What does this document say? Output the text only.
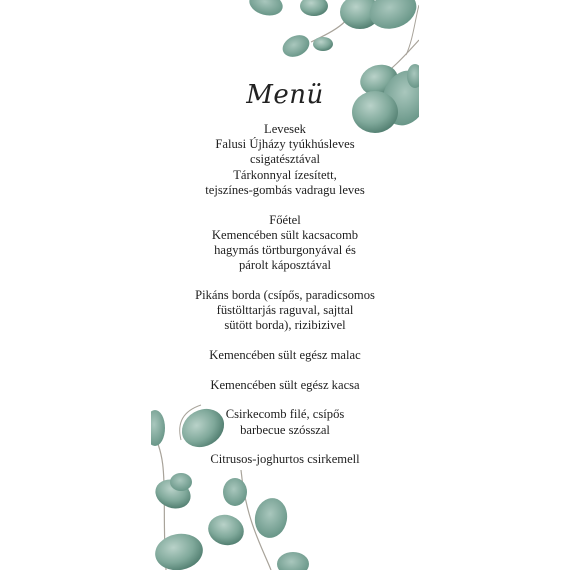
Menü
Levesek
Falusi Újházy tyúkhúsleves
csigatésztával
Tárkonnyal ízesített,
tejszínes-gombás vadragu leves
Főétel
Kemencében sült kacsacomb
hagymás törtburgonyával és
párolt káposztával
Pikáns borda (csípős, paradicsomos
füstölttarjás raguval, sajttal
sütött borda), rizibizivel
Kemencében sült egész malac
Kemencében sült egész kacsa
Csirkecomb filé, csípős
barbecue szósszal
Citrusos-joghurtos csirkemell
